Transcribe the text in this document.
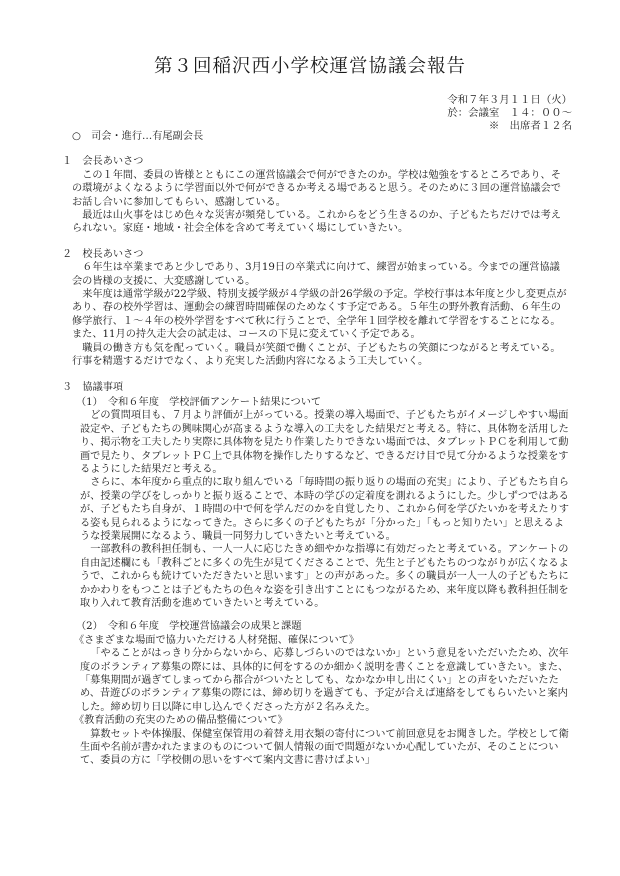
第３回稲沢西小学校運営協議会報告
令和７年３月１１日（火）
於：会議室　１４：００～
※　出席者１２名

○　司会・進行…有尾副会長

１　会長あいさつ

この１年間、委員の皆様とともにこの運営協議会で何ができたのか。学校は勉強をするところであり、その環境がよくなるように学習面以外で何ができるか考える場であると思う。そのために３回の運営協議会でお話し合いに参加してもらい、感謝している。

最近は山火事をはじめ色々な災害が頻発している。これからをどう生きるのか、子どもたちだけでは考えられない。家庭・地域・社会全体を含めて考えていく場にしていきたい。

２　校長あいさつ

６年生は卒業まであと少しであり、3月19日の卒業式に向けて、練習が始まっている。今までの運営協議会の皆様の支援に、大変感謝している。

来年度は通常学級が22学級、特別支援学級が４学級の計26学級の予定。学校行事は本年度と少し変更点があり、春の校外学習は、運動会の練習時間確保のためなくす予定である。５年生の野外教育活動、６年生の修学旅行、１～４年の校外学習をすべて秋に行うことで、全学年１回学校を離れて学習をすることになる。また、11月の持久走大会の試走は、コースの下見に変えていく予定である。

職員の働き方も気を配っていく。職員が笑顔で働くことが、子どもたちの笑顔につながると考えている。行事を精選するだけでなく、より充実した活動内容になるよう工夫していく。

３　協議事項

（1）　令和６年度　学校評価アンケート結果について

どの質問項目も、７月より評価が上がっている。授業の導入場面で、子どもたちがイメージしやすい場面設定や、子どもたちの興味関心が高まるような導入の工夫をした結果だと考える。特に、具体物を活用したり、掲示物を工夫したり実際に具体物を見たり作業したりできない場面では、タブレットＰＣを利用して動画で見たり、タブレットＰＣ上で具体物を操作したりするなど、できるだけ目で見て分かるような授業をするようにした結果だと考える。

さらに、本年度から重点的に取り組んでいる「毎時間の振り返りの場面の充実」により、子どもたち自らが、授業の学びをしっかりと振り返ることで、本時の学びの定着度を測れるようにした。少しずつではあるが、子どもたち自身が、１時間の中で何を学んだのかを自覚したり、これから何を学びたいかを考えたりする姿も見られるようになってきた。さらに多くの子どもたちが「分かった」「もっと知りたい」と思えるような授業展開になるよう、職員一同努力していきたいと考えている。

一部教科の教科担任制も、一人一人に応じたきめ細やかな指導に有効だったと考えている。アンケートの自由記述欄にも「教科ごとに多くの先生が見てくださることで、先生と子どもたちのつながりが広くなるようで、これからも続けていただきたいと思います」との声があった。多くの職員が一人一人の子どもたちにかかわりをもつことは子どもたちの色々な姿を引き出すことにもつながるため、来年度以降も教科担任制を取り入れて教育活動を進めていきたいと考えている。

（2）　令和６年度　学校運営協議会の成果と課題

《さまざまな場面で協力いただける人材発掘、確保について》

「やることがはっきり分からないから、応募しづらいのではないか」という意見をいただいたため、次年度のボランティア募集の際には、具体的に何をするのか細かく説明を書くことを意識していきたい。また、「募集期間が過ぎてしまってから都合がついたとしても、なかなか申し出にくい」との声をいただいたため、昔遊びのボランティア募集の際には、締め切りを過ぎても、予定が合えば連絡をしてもらいたいと案内した。締め切り日以降に申し込んでくださった方が２名みえた。

《教育活動の充実のための備品整備について》

算数セットや体操服、保健室保管用の着替え用衣類の寄付について前回意見をお聞きした。学校として衛生面や名前が書かれたままのものについて個人情報の面で問題がないか心配していたが、そのことについて、委員の方に「学校側の思いをすべて案内文書に書けばよい」
